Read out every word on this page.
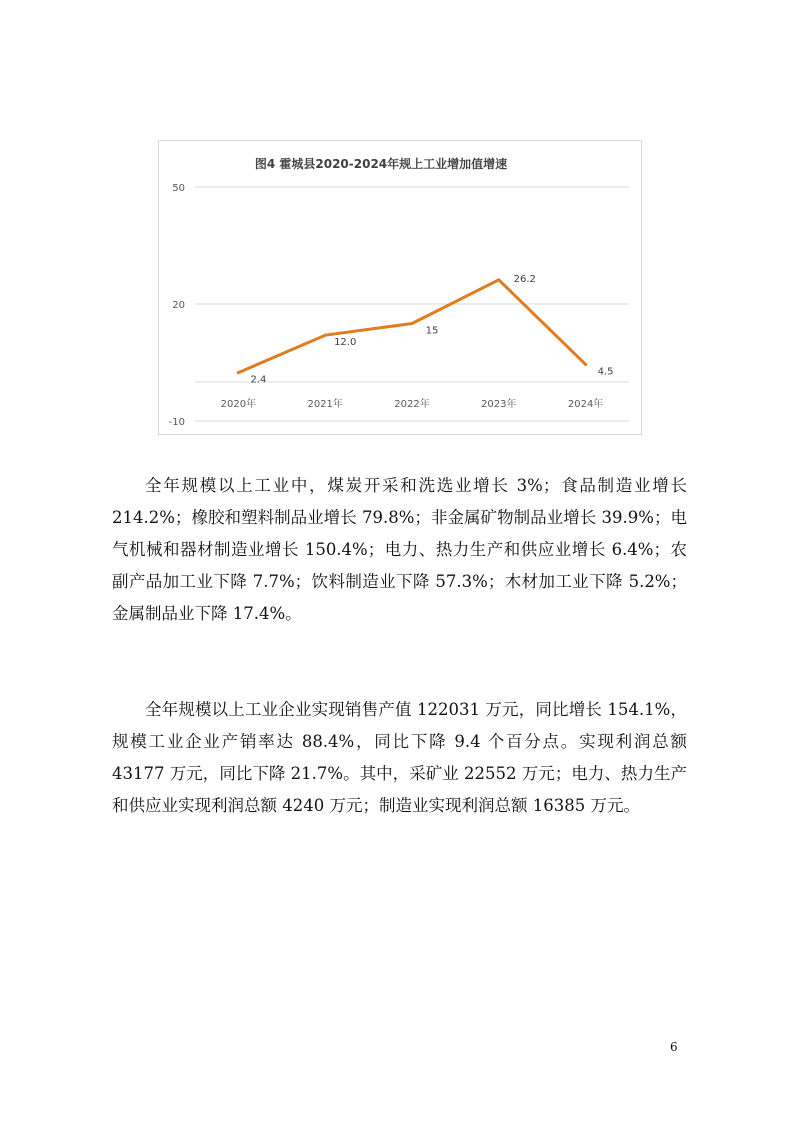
图4 霍城县2020-2024年规上工业增加值增速
50
20
-10
2020年	2021年	2022年	2023年	2024年
2.4
12.0
15
26.2
4.5

全年规模以上工业中，煤炭开采和洗选业增长 3%；食品制造业增长 214.2%；橡胶和塑料制品业增长 79.8%；非金属矿物制品业增长 39.9%；电气机械和器材制造业增长 150.4%；电力、热力生产和供应业增长 6.4%；农副产品加工业下降 7.7%；饮料制造业下降 57.3%；木材加工业下降 5.2%；金属制品业下降 17.4%。

全年规模以上工业企业实现销售产值 122031 万元，同比增长 154.1%，规模工业企业产销率达 88.4%，同比下降 9.4 个百分点。实现利润总额 43177 万元，同比下降 21.7%。其中，采矿业 22552 万元；电力、热力生产和供应业实现利润总额 4240 万元；制造业实现利润总额 16385 万元。

6
